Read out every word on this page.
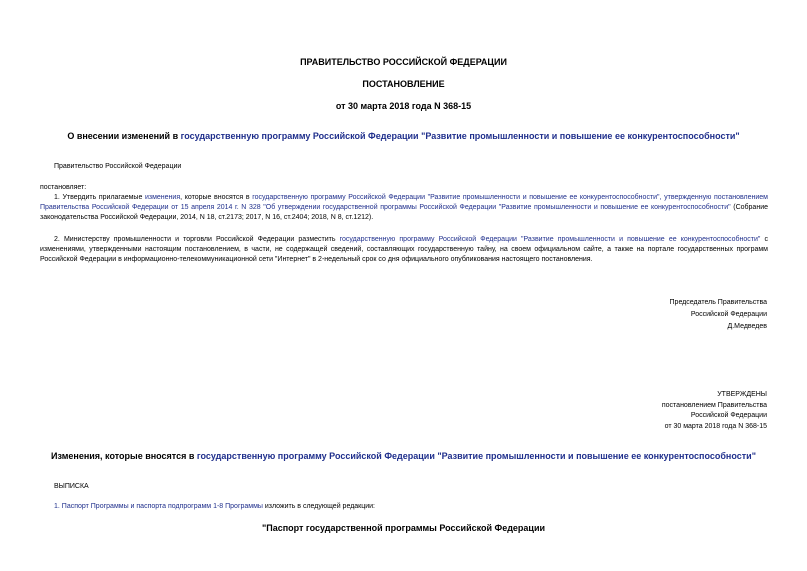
ПРАВИТЕЛЬСТВО РОССИЙСКОЙ ФЕДЕРАЦИИ
ПОСТАНОВЛЕНИЕ
от 30 марта 2018 года N 368-15
О внесении изменений в государственную программу Российской Федерации "Развитие промышленности и повышение ее конкурентоспособности"
Правительство Российской Федерации
постановляет:
1. Утвердить прилагаемые изменения, которые вносятся в государственную программу Российской Федерации "Развитие промышленности и повышение ее конкурентоспособности", утвержденную постановлением Правительства Российской Федерации от 15 апреля 2014 г. N 328 "Об утверждении государственной программы Российской Федерации "Развитие промышленности и повышение ее конкурентоспособности" (Собрание законодательства Российской Федерации, 2014, N 18, ст.2173; 2017, N 16, ст.2404; 2018, N 8, ст.1212).
2. Министерству промышленности и торговли Российской Федерации разместить государственную программу Российской Федерации "Развитие промышленности и повышение ее конкурентоспособности" с изменениями, утвержденными настоящим постановлением, в части, не содержащей сведений, составляющих государственную тайну, на своем официальном сайте, а также на портале государственных программ Российской Федерации в информационно-телекоммуникационной сети "Интернет" в 2-недельный срок со дня официального опубликования настоящего постановления.
Председатель Правительства
Российской Федерации
Д.Медведев
УТВЕРЖДЕНЫ
постановлением Правительства
Российской Федерации
от 30 марта 2018 года N 368-15
Изменения, которые вносятся в государственную программу Российской Федерации "Развитие промышленности и повышение ее конкурентоспособности"
ВЫПИСКА
1. Паспорт Программы и паспорта подпрограмм 1-8 Программы изложить в следующей редакции:
"Паспорт государственной программы Российской Федерации
